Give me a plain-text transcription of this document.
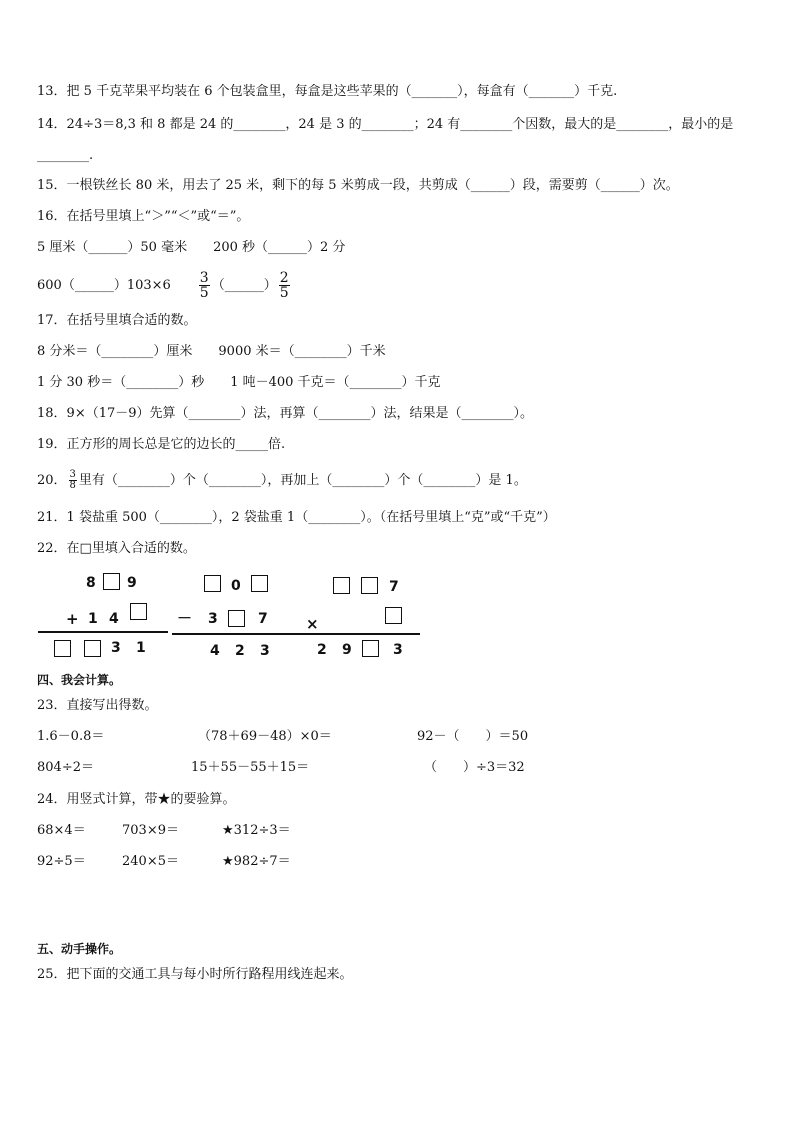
13．把 5 千克苹果平均装在 6 个包装盒里，每盒是这些苹果的（_______），每盒有（_______）千克.
14．24÷3＝8,3 和 8 都是 24 的________，24 是 3 的________；24 有________个因数，最大的是________，最小的是
________.
15．一根铁丝长 80 米，用去了 25 米，剩下的每 5 米剪成一段，共剪成（______）段，需要剪（______）次。
16．在括号里填上“＞”“＜”或“＝”。
5 厘米（______）50 毫米　　200 秒（______）2 分
600（______）103×6 $\frac{3}{5}$ （______） $\frac{2}{5}$
17．在括号里填合适的数。
8 分米＝（________）厘米　　9000 米＝（________）千米
1 分 30 秒＝（________）秒　　1 吨－400 千克＝（________）千克
18．9×（17－9）先算（________）法，再算（________）法，结果是（________）。
19．正方形的周长总是它的边长的_____倍.
20． $\frac{3}{8}$ 里有（________）个（________），再加上（________）个（________）是 1。
21．1 袋盐重 500（________），2 袋盐重 1（________）。（在括号里填上“克”或“千克”）
22．在□里填入合适的数。
8 9
+ 1 4
3 1
0
－ 3	7
4 2 3
7
×
2 9	3
四、我会计算。
23．直接写出得数。
1.6－0.8＝	（78＋69－48）×0＝	92－（　　）＝50
804÷2＝	15＋55－55＋15＝	（　　）÷3＝32
24．用竖式计算，带★的要验算。
68×4＝	703×9＝	★312÷3＝
92÷5＝	240×5＝	★982÷7＝
五、动手操作。
25．把下面的交通工具与每小时所行路程用线连起来。
